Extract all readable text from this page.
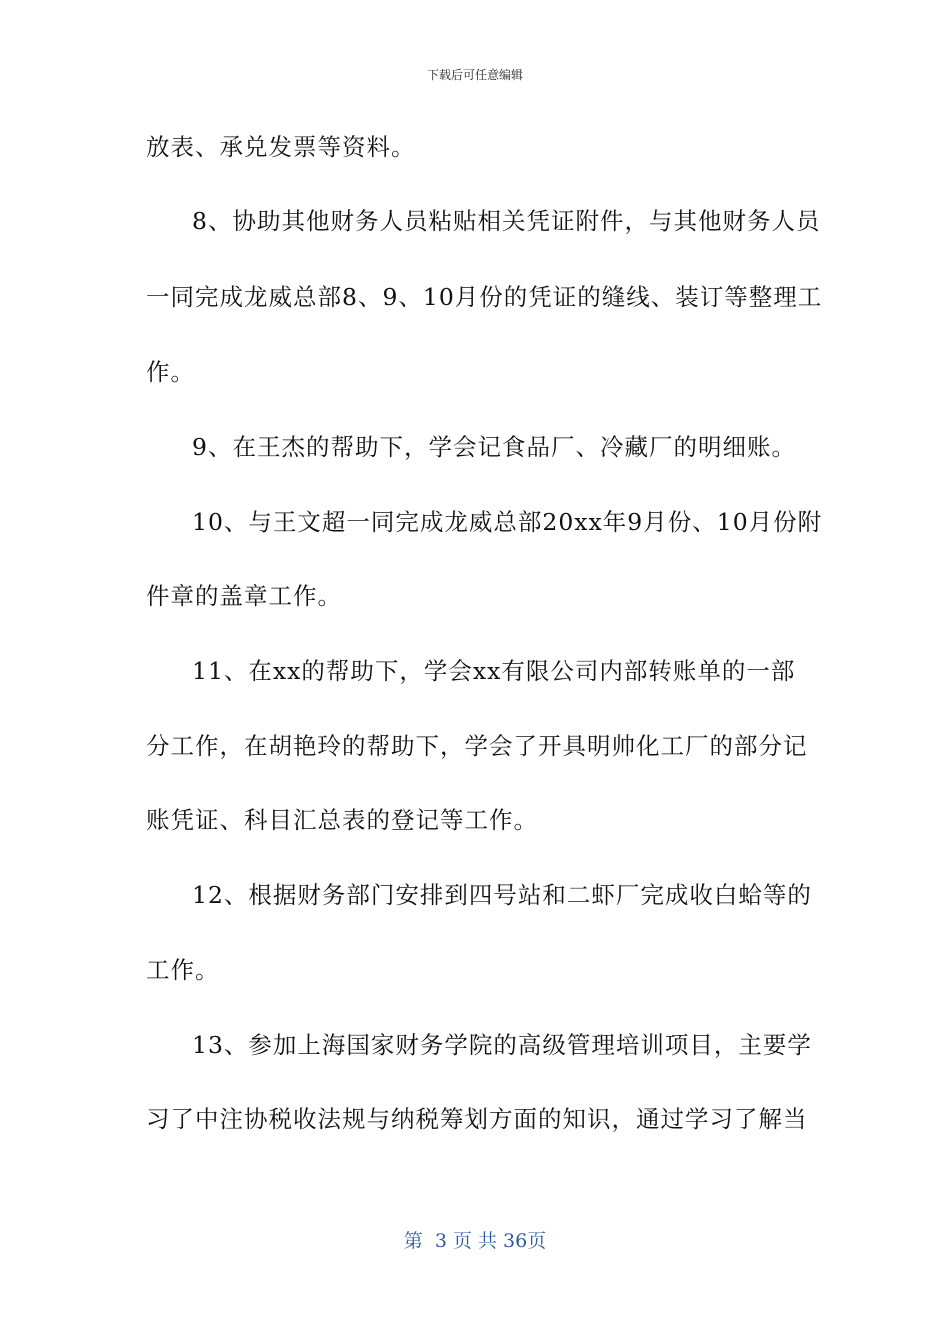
下载后可任意编辑
放表、承兑发票等资料。
8、协助其他财务人员粘贴相关凭证附件，与其他财务人员
一同完成龙威总部8、9、10月份的凭证的缝线、装订等整理工
作。
9、在王杰的帮助下，学会记食品厂、冷藏厂的明细账。
10、与王文超一同完成龙威总部20xx年9月份、10月份附
件章的盖章工作。
11、在xx的帮助下，学会xx有限公司内部转账单的一部
分工作，在胡艳玲的帮助下，学会了开具明帅化工厂的部分记
账凭证、科目汇总表的登记等工作。
12、根据财务部门安排到四号站和二虾厂完成收白蛤等的
工作。
13、参加上海国家财务学院的高级管理培训项目，主要学
习了中注协税收法规与纳税筹划方面的知识，通过学习了解当
第  3 页 共 36页
